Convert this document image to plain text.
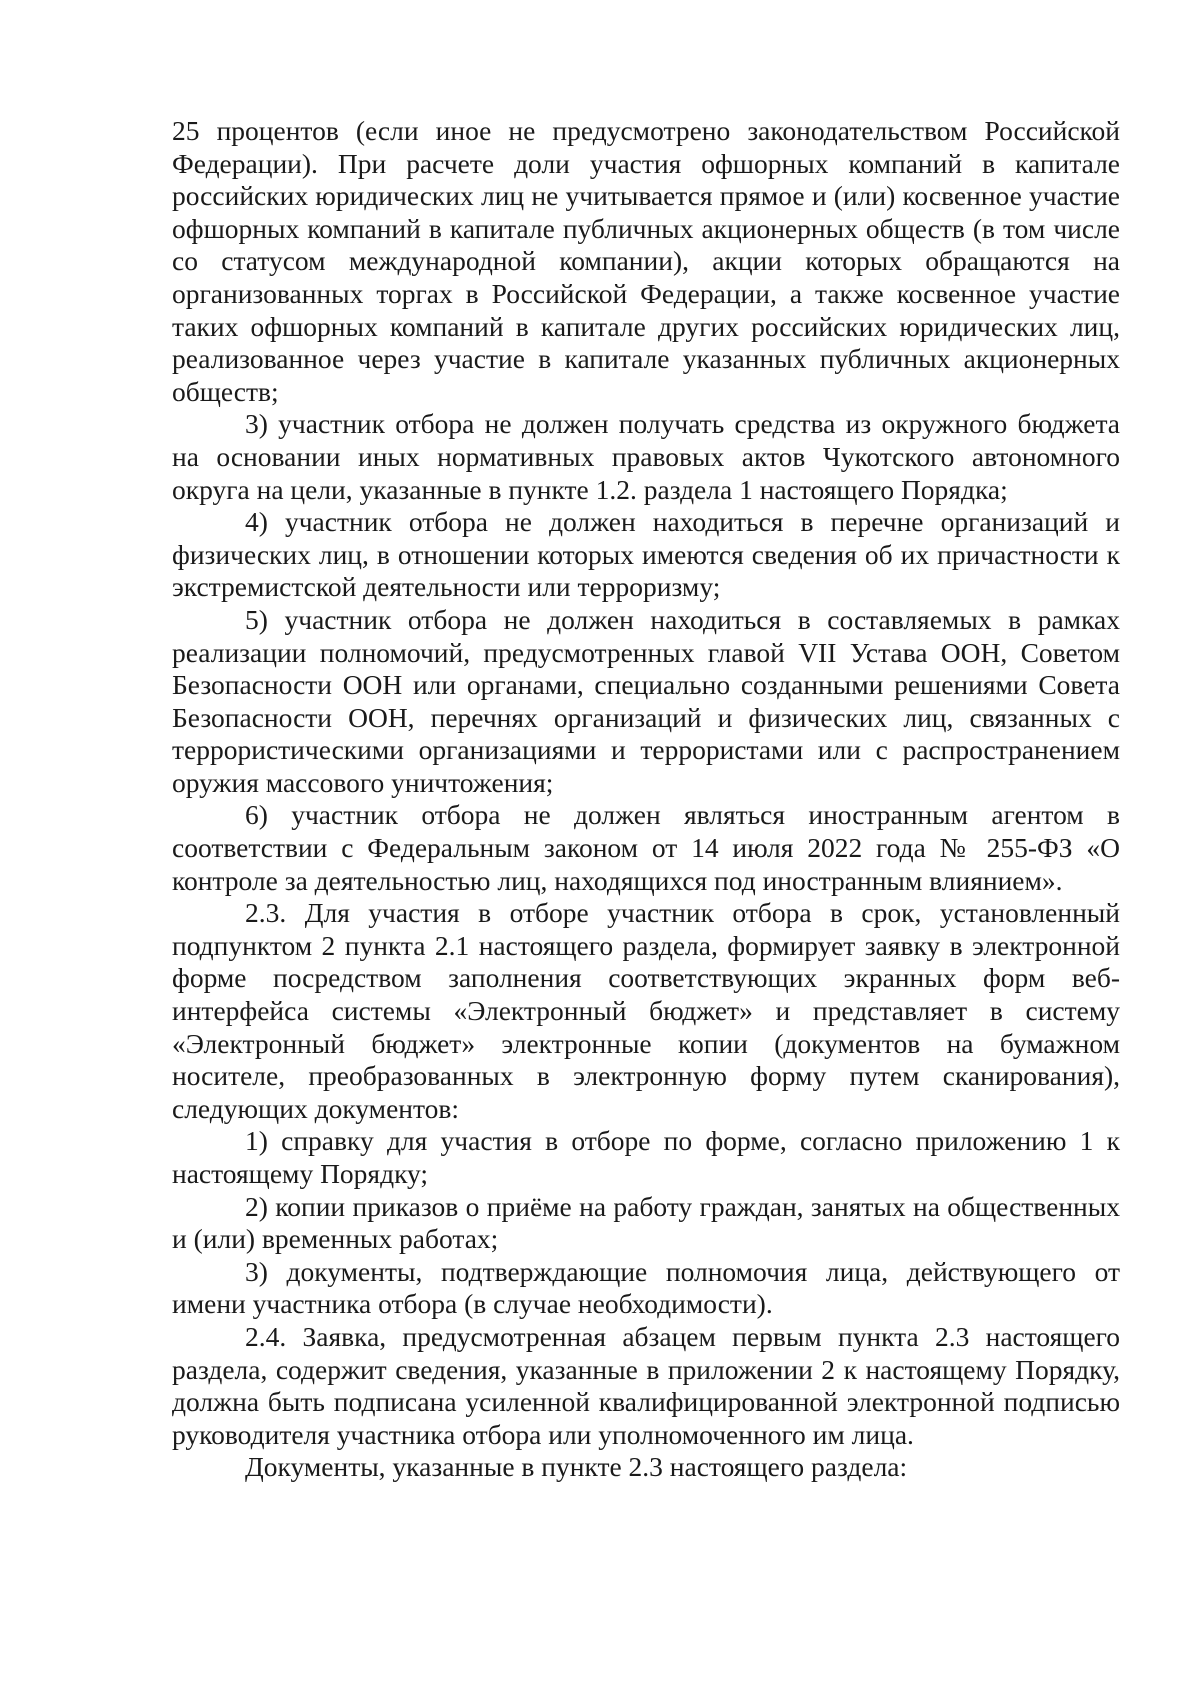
25 процентов (если иное не предусмотрено законодательством Российской Федерации). При расчете доли участия офшорных компаний в капитале российских юридических лиц не учитывается прямое и (или) косвенное участие офшорных компаний в капитале публичных акционерных обществ (в том числе со статусом международной компании), акции которых обращаются на организованных торгах в Российской Федерации, а также косвенное участие таких офшорных компаний в капитале других российских юридических лиц, реализованное через участие в капитале указанных публичных акционерных обществ;

3) участник отбора не должен получать средства из окружного бюджета на основании иных нормативных правовых актов Чукотского автономного округа на цели, указанные в пункте 1.2. раздела 1 настоящего Порядка;

4) участник отбора не должен находиться в перечне организаций и физических лиц, в отношении которых имеются сведения об их причастности к экстремистской деятельности или терроризму;

5) участник отбора не должен находиться в составляемых в рамках реализации полномочий, предусмотренных главой VII Устава ООН, Советом Безопасности ООН или органами, специально созданными решениями Совета Безопасности ООН, перечнях организаций и физических лиц, связанных с террористическими организациями и террористами или с распространением оружия массового уничтожения;

6) участник отбора не должен являться иностранным агентом в соответствии с Федеральным законом от 14 июля 2022 года № 255-ФЗ «О контроле за деятельностью лиц, находящихся под иностранным влиянием».

2.3. Для участия в отборе участник отбора в срок, установленный подпунктом 2 пункта 2.1 настоящего раздела, формирует заявку в электронной форме посредством заполнения соответствующих экранных форм веб-интерфейса системы «Электронный бюджет» и представляет в систему «Электронный бюджет» электронные копии (документов на бумажном носителе, преобразованных в электронную форму путем сканирования), следующих документов:

1) справку для участия в отборе по форме, согласно приложению 1 к настоящему Порядку;

2) копии приказов о приёме на работу граждан, занятых на общественных и (или) временных работах;

3) документы, подтверждающие полномочия лица, действующего от имени участника отбора (в случае необходимости).

2.4. Заявка, предусмотренная абзацем первым пункта 2.3 настоящего раздела, содержит сведения, указанные в приложении 2 к настоящему Порядку, должна быть подписана усиленной квалифицированной электронной подписью руководителя участника отбора или уполномоченного им лица.

Документы, указанные в пункте 2.3 настоящего раздела:
